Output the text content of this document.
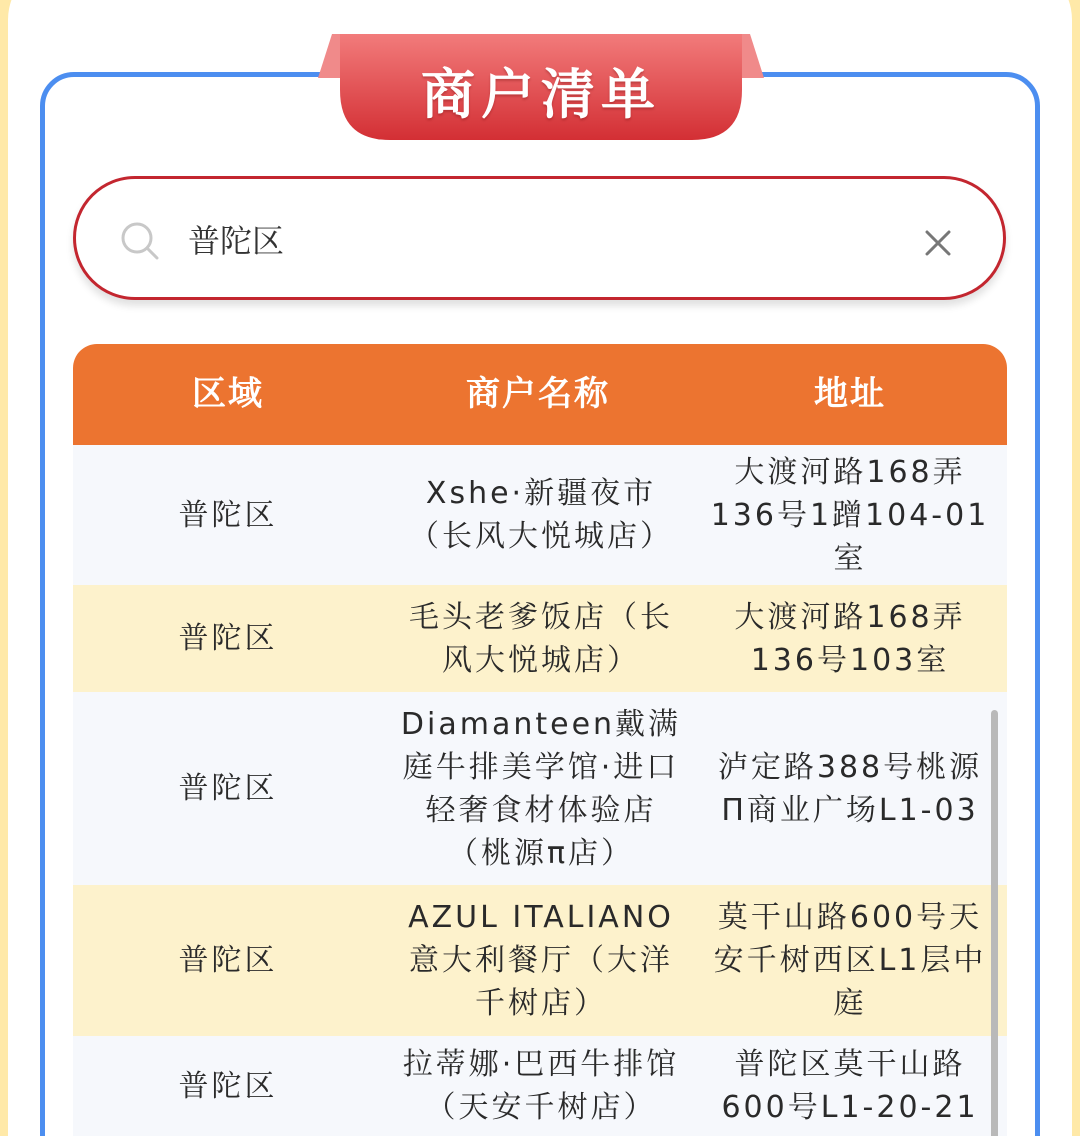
商户清单
普陀区
区域	商户名称	地址
普陀区
Xshe·新疆夜市
（长风大悦城店）
大渡河路168弄
136号1蹭104-01
室
普陀区
毛头老爹饭店（长
风大悦城店）
大渡河路168弄
136号103室
普陀区
Diamanteen戴满
庭牛排美学馆·进口
轻奢食材体验店
（桃源π店）
泸定路388号桃源
П商业广场L1-03
普陀区
AZUL ITALIANO
意大利餐厅（大洋
千树店）
莫干山路600号天
安千树西区L1层中
庭
普陀区
拉蒂娜·巴西牛排馆
（天安千树店）
普陀区莫干山路
600号L1-20-21
